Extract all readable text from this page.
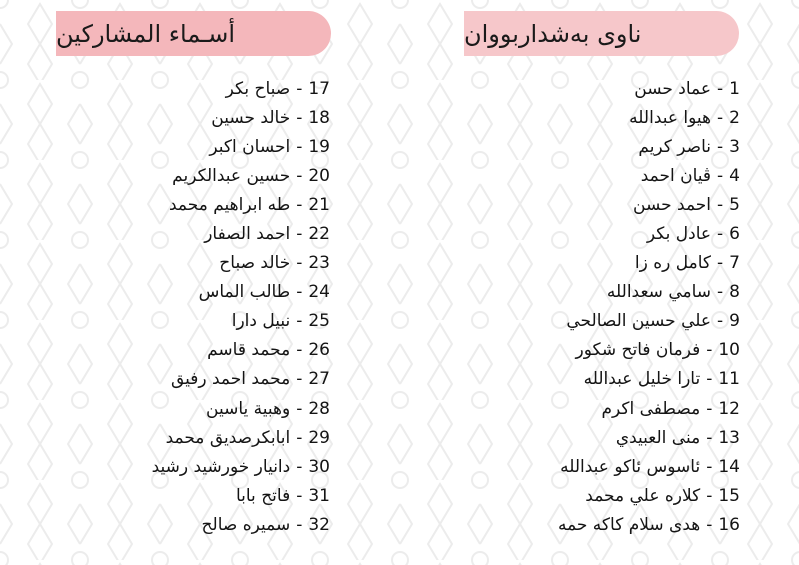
ناوی بەشداربووان
أسـماء المشاركين
1
-
عماد حسن
2
-
هيوا عبدالله
3
-
ناصر كريم
4
-
ڤيان احمد
5
-
احمد حسن
6
-
عادل بكر
7
-
كامل ره زا
8
-
سامي سعدالله
9
-
علي حسين الصالحي
10
-
فرمان فاتح شكور
11
-
تارا خليل عبدالله
12
-
مصطفى اكرم
13
-
منى العبيدي
14
-
ئاسوس ئاكو عبدالله
15
-
كلاره علي محمد
16
-
هدى سلام كاكه حمه
17
-
صباح بكر
18
-
خالد حسين
19
-
احسان اكبر
20
-
حسين عبدالكريم
21
-
طه ابراهيم محمد
22
-
احمد الصفار
23
-
خالد صباح
24
-
طالب الماس
25
-
نبيل دارا
26
-
محمد قاسم
27
-
محمد احمد رفيق
28
-
وهبية ياسين
29
-
ابابكرصديق محمد
30
-
دانيار خورشيد رشيد
31
-
فاتح بابا
32
-
سميره صالح
